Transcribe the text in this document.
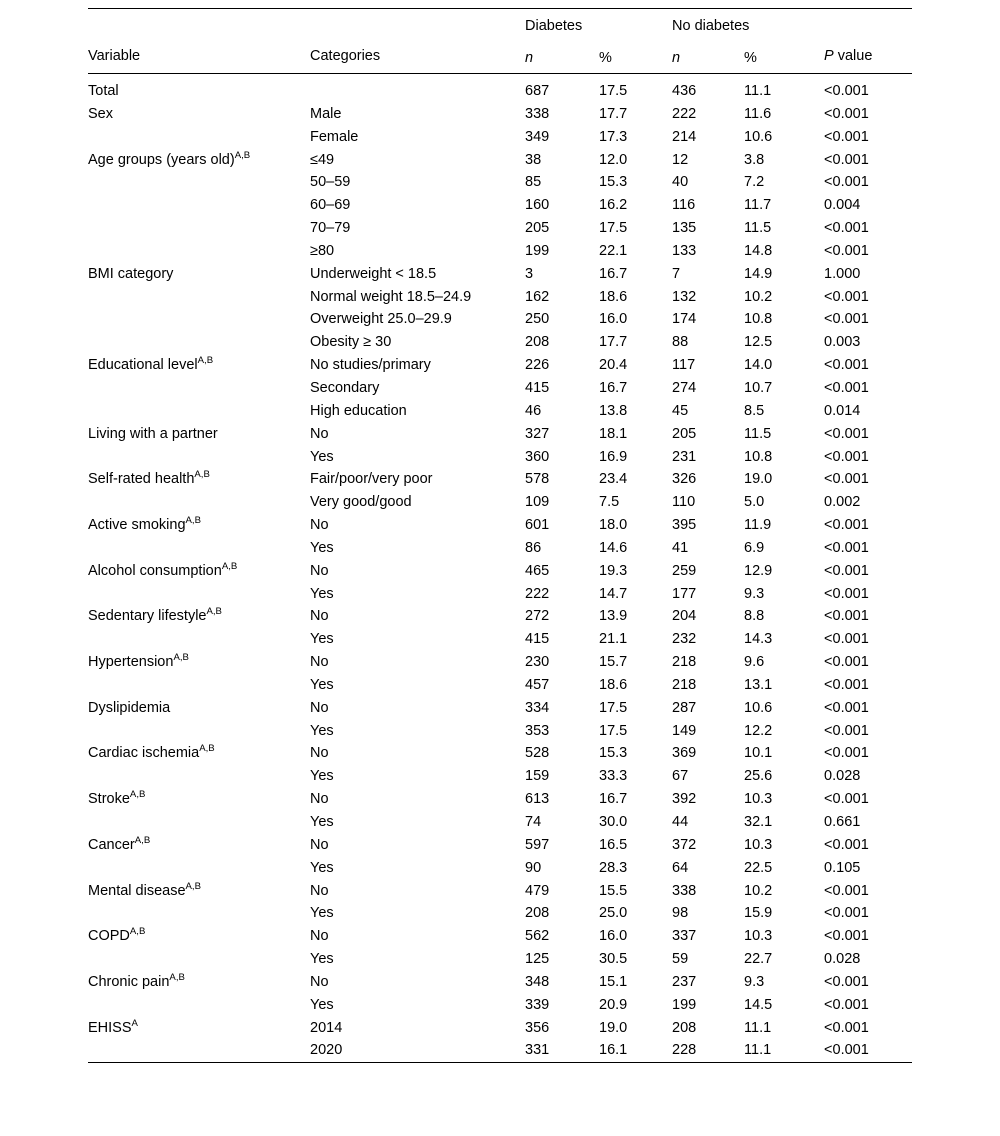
Variable	Categories	Diabetes		No diabetes		P value
		n	%	n	%	
Total		687	17.5	436	11.1	<0.001
Sex	Male	338	17.7	222	11.6	<0.001
	Female	349	17.3	214	10.6	<0.001
Age groups (years old)$^{A,B}$	≤49	38	12.0	12	3.8	<0.001
	50–59	85	15.3	40	7.2	<0.001
	60–69	160	16.2	116	11.7	0.004
	70–79	205	17.5	135	11.5	<0.001
	≥80	199	22.1	133	14.8	<0.001
BMI category	Underweight < 18.5	3	16.7	7	14.9	1.000
	Normal weight 18.5–24.9	162	18.6	132	10.2	<0.001
	Overweight 25.0–29.9	250	16.0	174	10.8	<0.001
	Obesity ≥ 30	208	17.7	88	12.5	0.003
Educational level$^{A,B}$	No studies/primary	226	20.4	117	14.0	<0.001
	Secondary	415	16.7	274	10.7	<0.001
	High education	46	13.8	45	8.5	0.014
Living with a partner	No	327	18.1	205	11.5	<0.001
	Yes	360	16.9	231	10.8	<0.001
Self-rated health$^{A,B}$	Fair/poor/very poor	578	23.4	326	19.0	<0.001
	Very good/good	109	7.5	110	5.0	0.002
Active smoking$^{A,B}$	No	601	18.0	395	11.9	<0.001
	Yes	86	14.6	41	6.9	<0.001
Alcohol consumption$^{A,B}$	No	465	19.3	259	12.9	<0.001
	Yes	222	14.7	177	9.3	<0.001
Sedentary lifestyle$^{A,B}$	No	272	13.9	204	8.8	<0.001
	Yes	415	21.1	232	14.3	<0.001
Hypertension$^{A,B}$	No	230	15.7	218	9.6	<0.001
	Yes	457	18.6	218	13.1	<0.001
Dyslipidemia	No	334	17.5	287	10.6	<0.001
	Yes	353	17.5	149	12.2	<0.001
Cardiac ischemia$^{A,B}$	No	528	15.3	369	10.1	<0.001
	Yes	159	33.3	67	25.6	0.028
Stroke$^{A,B}$	No	613	16.7	392	10.3	<0.001
	Yes	74	30.0	44	32.1	0.661
Cancer$^{A,B}$	No	597	16.5	372	10.3	<0.001
	Yes	90	28.3	64	22.5	0.105
Mental disease$^{A,B}$	No	479	15.5	338	10.2	<0.001
	Yes	208	25.0	98	15.9	<0.001
$COPD^{A,B}$	No	562	16.0	337	10.3	<0.001
	Yes	125	30.5	59	22.7	0.028
Chronic pain$^{A,B}$	No	348	15.1	237	9.3	<0.001
	Yes	339	20.9	199	14.5	<0.001
$EHISS^A$	2014	356	19.0	208	11.1	<0.001
	2020	331	16.1	228	11.1	<0.001
